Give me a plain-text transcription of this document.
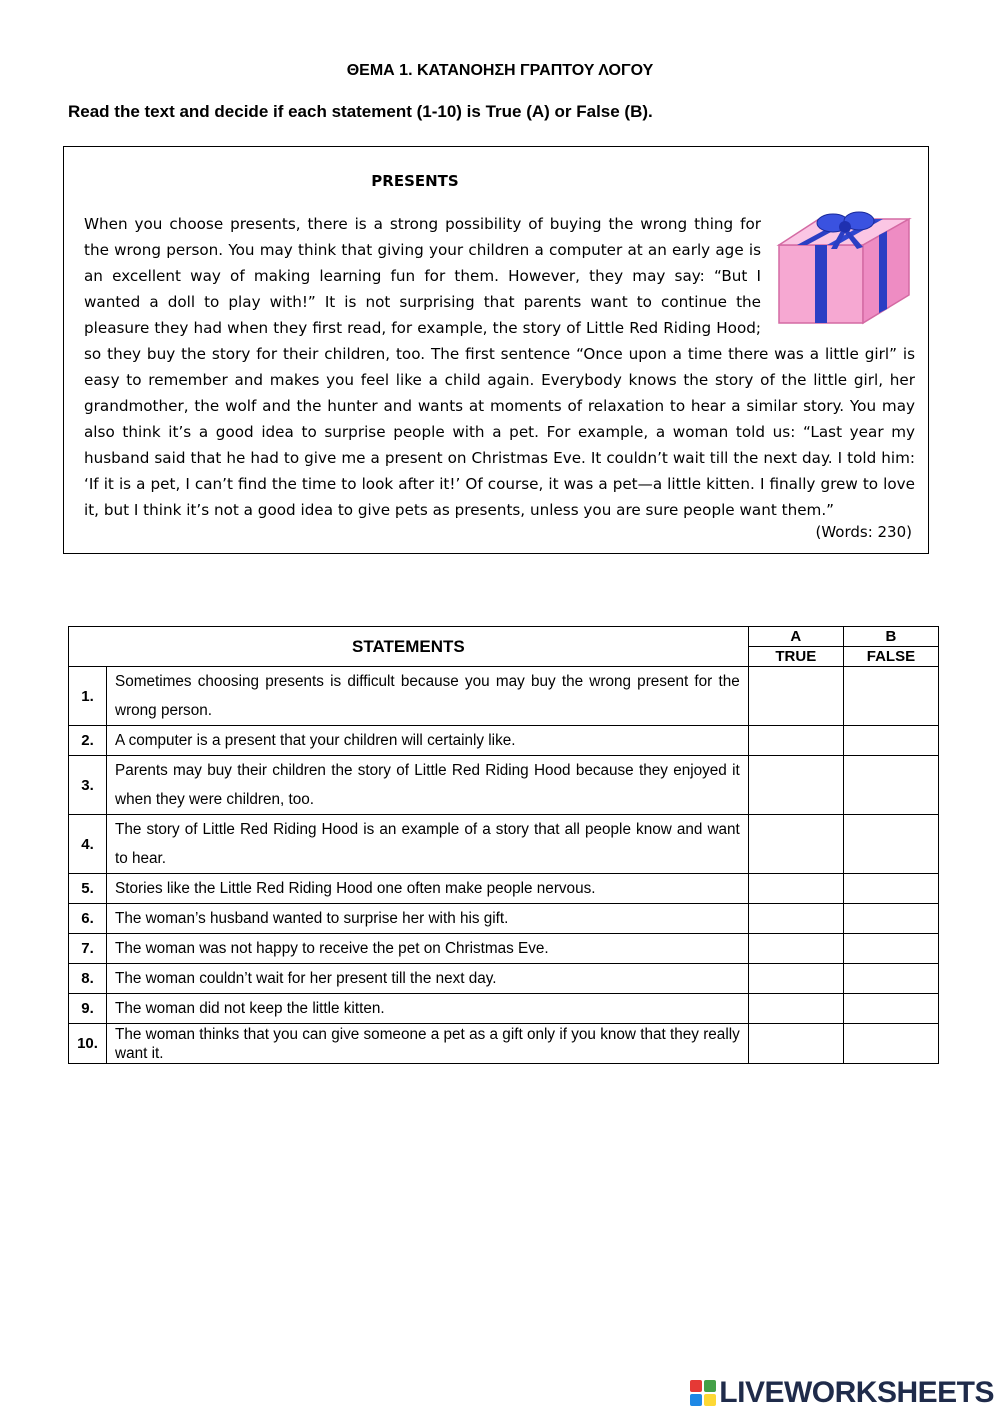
ΘΕΜΑ 1. ΚΑΤΑΝΟΗΣΗ ΓΡΑΠΤΟΥ ΛΟΓΟΥ
Read the text and decide if each statement (1-10) is True (A) or False (B).
PRESENTS

When you choose presents, there is a strong possibility of buying the wrong thing for the wrong person. You may think that giving your children a computer at an early age is an excellent way of making learning fun for them. However, they may say: “But I wanted a doll to play with!” It is not surprising that parents want to continue the pleasure they had when they first read, for example, the story of Little Red Riding Hood; so they buy the story for their children, too. The first sentence “Once upon a time there was a little girl” is easy to remember and makes you feel like a child again. Everybody knows the story of the little girl, her grandmother, the wolf and the hunter and wants at moments of relaxation to hear a similar story. You may also think it’s a good idea to surprise people with a pet. For example, a woman told us: “Last year my husband said that he had to give me a present on Christmas Eve. It couldn’t wait till the next day. I told him: ‘If it is a pet, I can’t find the time to look after it!’ Of course, it was a pet—a little kitten. I finally grew to love it, but I think it’s not a good idea to give pets as presents, unless you are sure people want them.”

(Words: 230)
STATEMENTS		A	B
		TRUE	FALSE
1.	Sometimes choosing presents is difficult because you may buy the wrong present for the wrong person.		
2.	A computer is a present that your children will certainly like.		
3.	Parents may buy their children the story of Little Red Riding Hood because they enjoyed it when they were children, too.		
4.	The story of Little Red Riding Hood is an example of a story that all people know and want to hear.		
5.	Stories like the Little Red Riding Hood one often make people nervous.		
6.	The woman’s husband wanted to surprise her with his gift.		
7.	The woman was not happy to receive the pet on Christmas Eve.		
8.	The woman couldn’t wait for her present till the next day.		
9.	The woman did not keep the little kitten.		
10.	The woman thinks that you can give someone a pet as a gift only if you know that they really want it.		
LIVEWORKSHEETS
